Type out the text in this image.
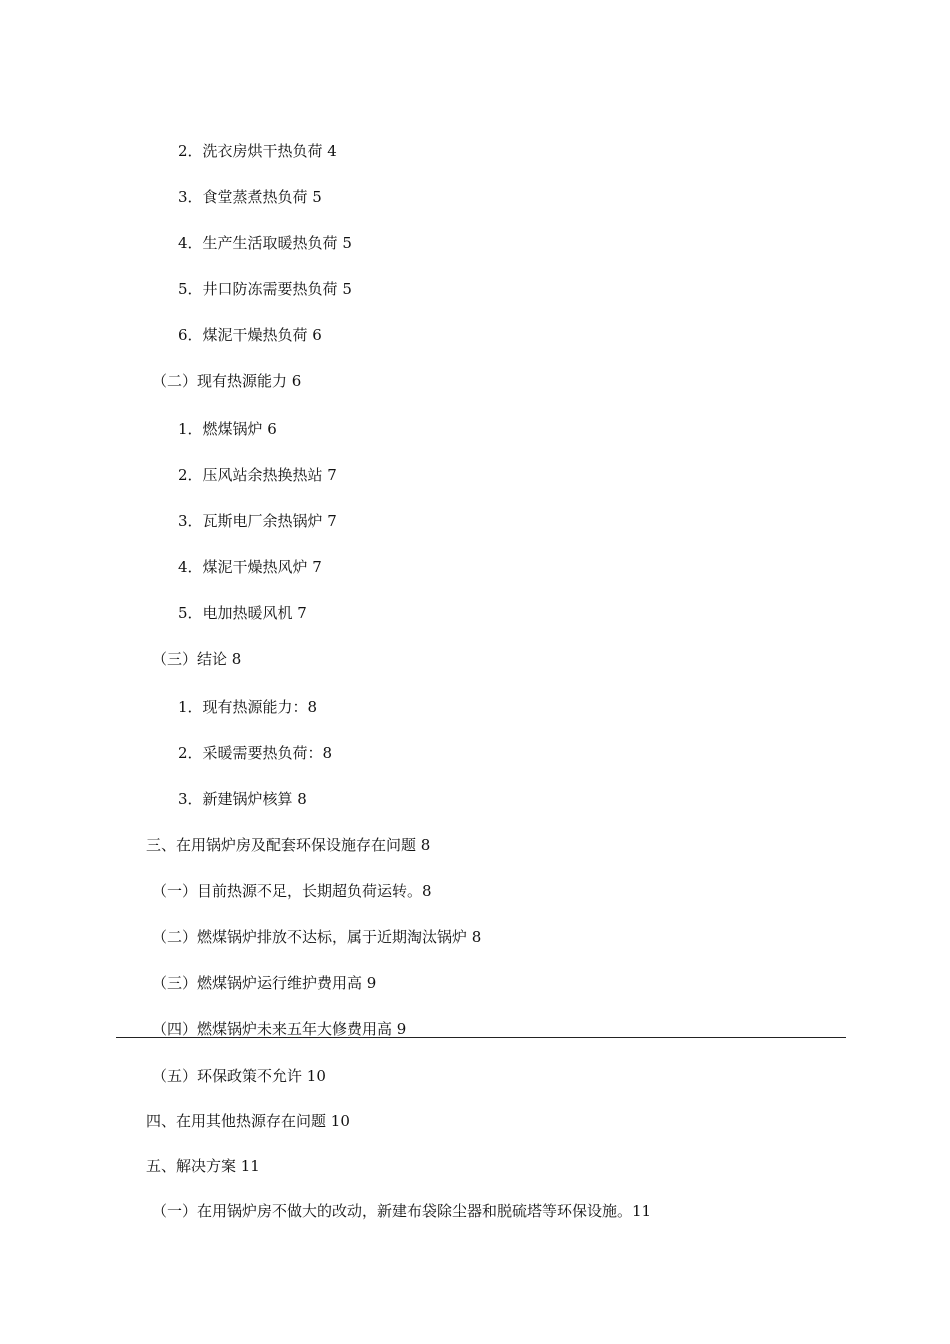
2．洗衣房烘干热负荷 4
3．食堂蒸煮热负荷 5
4．生产生活取暖热负荷 5
5．井口防冻需要热负荷 5
6．煤泥干燥热负荷 6
（二）现有热源能力 6
1．燃煤锅炉 6
2．压风站余热换热站 7
3．瓦斯电厂余热锅炉 7
4．煤泥干燥热风炉 7
5．电加热暖风机 7
（三）结论 8
1．现有热源能力：8
2．采暖需要热负荷：8
3．新建锅炉核算 8
三、在用锅炉房及配套环保设施存在问题 8
（一）目前热源不足，长期超负荷运转。8
（二）燃煤锅炉排放不达标，属于近期淘汰锅炉 8
（三）燃煤锅炉运行维护费用高 9
（四）燃煤锅炉未来五年大修费用高 9
（五）环保政策不允许 10
四、在用其他热源存在问题 10
五、解决方案 11
（一）在用锅炉房不做大的改动，新建布袋除尘器和脱硫塔等环保设施。11
